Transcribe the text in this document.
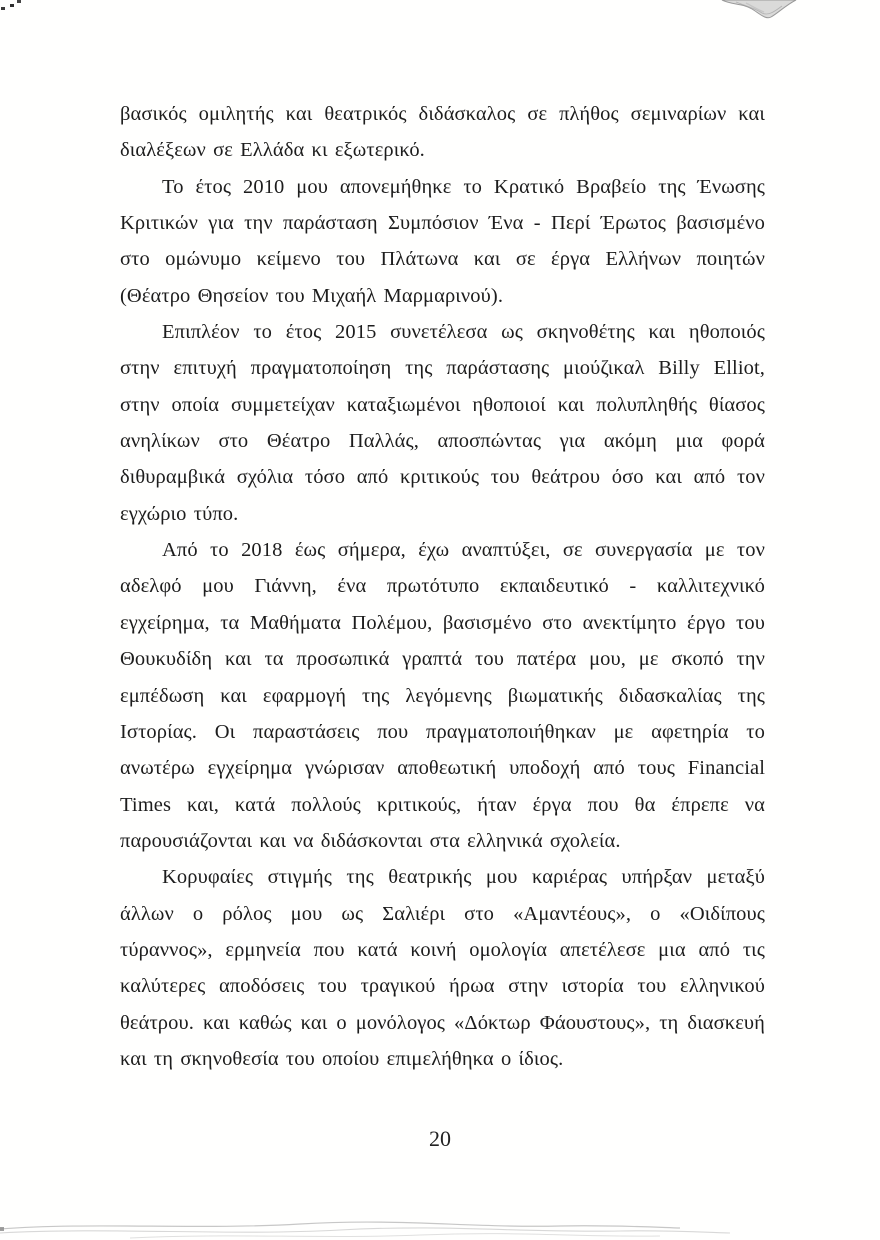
βασικός ομιλητής και θεατρικός διδάσκαλος σε πλήθος σεμιναρίων και
διαλέξεων σε Ελλάδα κι εξωτερικό.
Το έτος 2010 μου απονεμήθηκε το Κρατικό Βραβείο της Ένωσης
Κριτικών για την παράσταση Συμπόσιον Ένα - Περί Έρωτος βασισμένο
στο ομώνυμο κείμενο του Πλάτωνα και σε έργα Ελλήνων ποιητών
(Θέατρο Θησείον του Μιχαήλ Μαρμαρινού).
Επιπλέον το έτος 2015 συνετέλεσα ως σκηνοθέτης και ηθοποιός
στην επιτυχή πραγματοποίηση της παράστασης μιούζικαλ Billy Elliot,
στην οποία συμμετείχαν καταξιωμένοι ηθοποιοί και πολυπληθής θίασος
ανηλίκων στο Θέατρο Παλλάς, αποσπώντας για ακόμη μια φορά
διθυραμβικά σχόλια τόσο από κριτικούς του θεάτρου όσο και από τον
εγχώριο τύπο.
Από το 2018 έως σήμερα, έχω αναπτύξει, σε συνεργασία με τον
αδελφό μου Γιάννη, ένα πρωτότυπο εκπαιδευτικό - καλλιτεχνικό
εγχείρημα, τα Μαθήματα Πολέμου, βασισμένο στο ανεκτίμητο έργο του
Θουκυδίδη και τα προσωπικά γραπτά του πατέρα μου, με σκοπό την
εμπέδωση και εφαρμογή της λεγόμενης βιωματικής διδασκαλίας της
Ιστορίας. Οι παραστάσεις που πραγματοποιήθηκαν με αφετηρία το
ανωτέρω εγχείρημα γνώρισαν αποθεωτική υποδοχή από τους Financial
Times και, κατά πολλούς κριτικούς, ήταν έργα που θα έπρεπε να
παρουσιάζονται και να διδάσκονται στα ελληνικά σχολεία.
Κορυφαίες στιγμής της θεατρικής μου καριέρας υπήρξαν μεταξύ
άλλων ο ρόλος μου ως Σαλιέρι στο «Αμαντέους», ο «Οιδίπους
τύραννος», ερμηνεία που κατά κοινή ομολογία απετέλεσε μια από τις
καλύτερες αποδόσεις του τραγικού ήρωα στην ιστορία του ελληνικού
θεάτρου. και καθώς και ο μονόλογος «Δόκτωρ Φάουστους», τη διασκευή
και τη σκηνοθεσία του οποίου επιμελήθηκα ο ίδιος.
20
